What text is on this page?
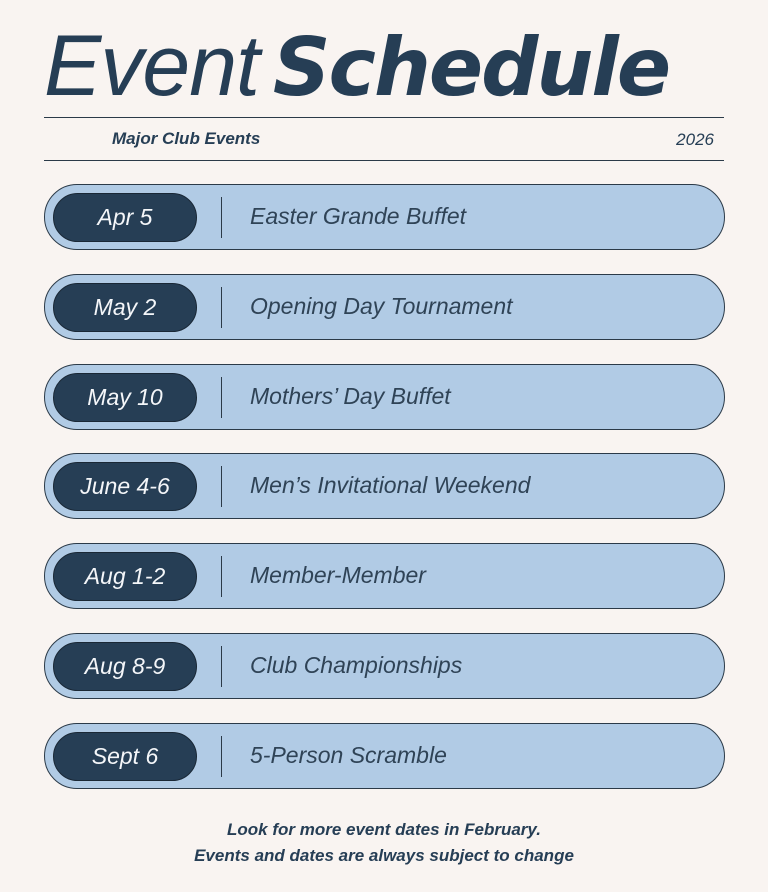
Event Schedule
Major Club Events	2026
Apr 5	Easter Grande Buffet
May 2	Opening Day Tournament
May 10	Mothers’ Day Buffet
June 4-6	Men’s Invitational Weekend
Aug 1-2	Member-Member
Aug 8-9	Club Championships
Sept 6	5-Person Scramble
Look for more event dates in February.
Events and dates are always subject to change
